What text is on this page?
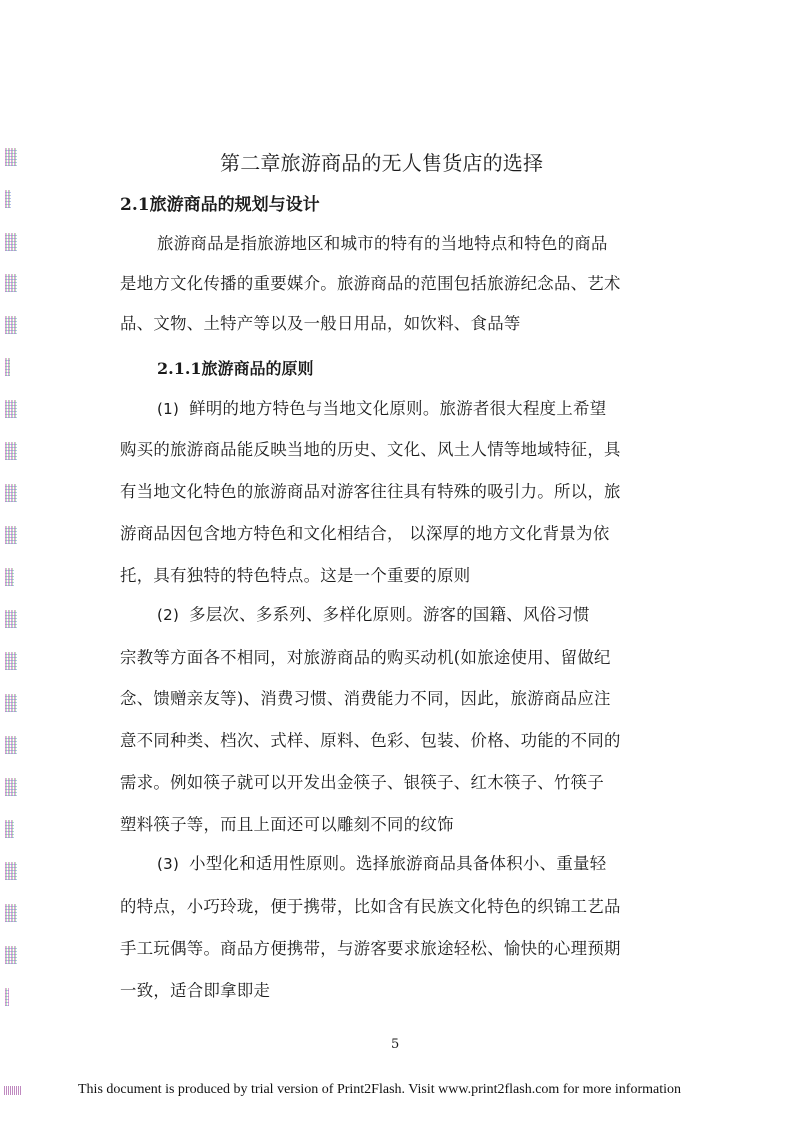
第二章旅游商品的无人售货店的选择
2.1旅游商品的规划与设计
旅游商品是指旅游地区和城市的特有的当地特点和特色的商品
是地方文化传播的重要媒介。旅游商品的范围包括旅游纪念品、艺术
品、文物、土特产等以及一般日用品，如饮料、食品等
2.1.1旅游商品的原则
(1) 鲜明的地方特色与当地文化原则。旅游者很大程度上希望
购买的旅游商品能反映当地的历史、文化、风土人情等地域特征，具
有当地文化特色的旅游商品对游客往往具有特殊的吸引力。所以，旅
游商品因包含地方特色和文化相结合， 以深厚的地方文化背景为依
托，具有独特的特色特点。这是一个重要的原则
(2) 多层次、多系列、多样化原则。游客的国籍、风俗习惯
宗教等方面各不相同，对旅游商品的购买动机(如旅途使用、留做纪
念、馈赠亲友等)、消费习惯、消费能力不同，因此，旅游商品应注
意不同种类、档次、式样、原料、色彩、包装、价格、功能的不同的
需求。例如筷子就可以开发出金筷子、银筷子、红木筷子、竹筷子
塑料筷子等，而且上面还可以雕刻不同的纹饰
(3) 小型化和适用性原则。选择旅游商品具备体积小、重量轻
的特点，小巧玲珑，便于携带，比如含有民族文化特色的织锦工艺品
手工玩偶等。商品方便携带，与游客要求旅途轻松、愉快的心理预期
一致，适合即拿即走
5
This document is produced by trial version of Print2Flash. Visit www.print2flash.com for more information
